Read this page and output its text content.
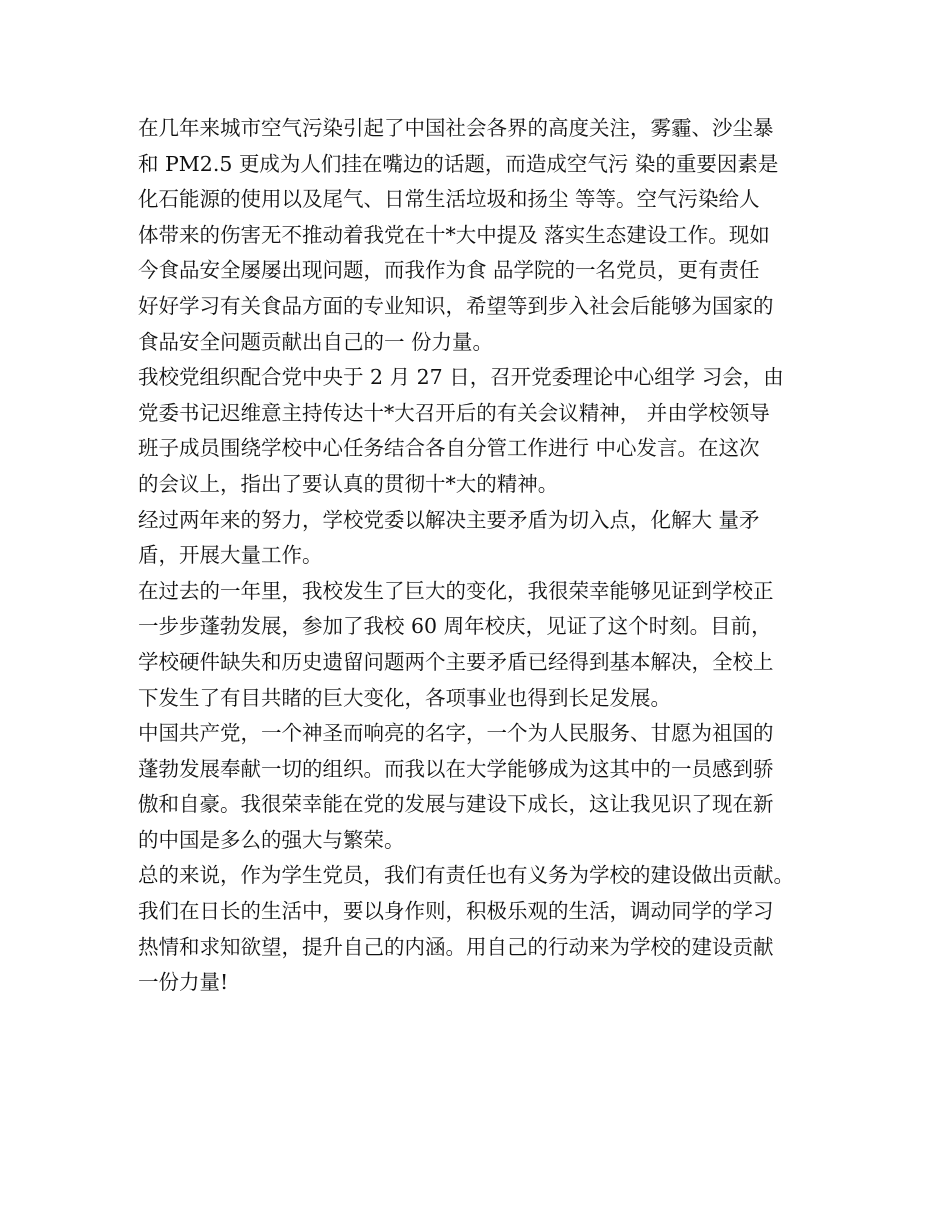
在几年来城市空气污染引起了中国社会各界的高度关注，雾霾、沙尘暴
和 PM2.5 更成为人们挂在嘴边的话题，而造成空气污 染的重要因素是
化石能源的使用以及尾气、日常生活垃圾和扬尘 等等。空气污染给人
体带来的伤害无不推动着我党在十*大中提及 落实生态建设工作。现如
今食品安全屡屡出现问题，而我作为食 品学院的一名党员，更有责任
好好学习有关食品方面的专业知识，希望等到步入社会后能够为国家的
食品安全问题贡献出自己的一 份力量。
我校党组织配合党中央于 2 月 27 日，召开党委理论中心组学 习会，由
党委书记迟维意主持传达十*大召开后的有关会议精神， 并由学校领导
班子成员围绕学校中心任务结合各自分管工作进行 中心发言。在这次
的会议上，指出了要认真的贯彻十*大的精神。
经过两年来的努力，学校党委以解决主要矛盾为切入点，化解大 量矛
盾，开展大量工作。
在过去的一年里，我校发生了巨大的变化，我很荣幸能够见证到学校正
一步步蓬勃发展，参加了我校 60 周年校庆，见证了这个时刻。目前，
学校硬件缺失和历史遗留问题两个主要矛盾已经得到基本解决，全校上
下发生了有目共睹的巨大变化，各项事业也得到长足发展。
中国共产党，一个神圣而响亮的名字，一个为人民服务、甘愿为祖国的
蓬勃发展奉献一切的组织。而我以在大学能够成为这其中的一员感到骄
傲和自豪。我很荣幸能在党的发展与建设下成长，这让我见识了现在新
的中国是多么的强大与繁荣。
总的来说，作为学生党员，我们有责任也有义务为学校的建设做出贡献。
我们在日长的生活中，要以身作则，积极乐观的生活，调动同学的学习
热情和求知欲望，提升自己的内涵。用自己的行动来为学校的建设贡献
一份力量!
